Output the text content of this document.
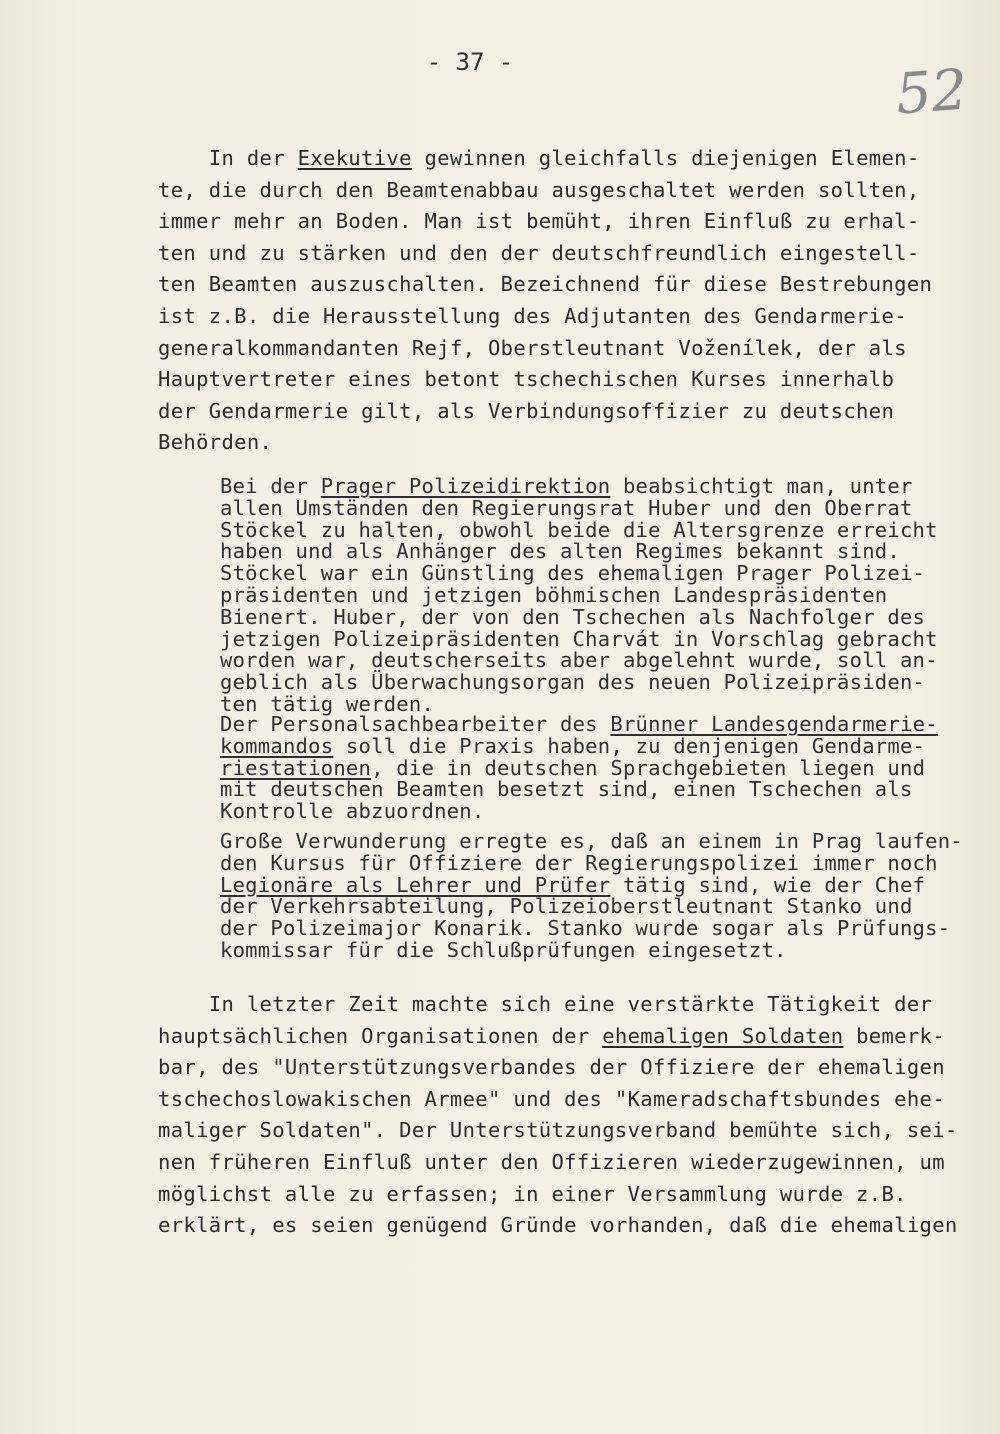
- 37 -	52
In der Exekutive gewinnen gleichfalls diejenigen Elemen-
te, die durch den Beamtenabbau ausgeschaltet werden sollten,
immer mehr an Boden. Man ist bemüht, ihren Einfluß zu erhal-
ten und zu stärken und den der deutschfreundlich eingestell-
ten Beamten auszuschalten. Bezeichnend für diese Bestrebungen
ist z.B. die Herausstellung des Adjutanten des Gendarmerie-
generalkommandanten Rejf, Oberstleutnant Voženílek, der als
Hauptvertreter eines betont tschechischen Kurses innerhalb
der Gendarmerie gilt, als Verbindungsoffizier zu deutschen
Behörden.
Bei der Prager Polizeidirektion beabsichtigt man, unter
allen Umständen den Regierungsrat Huber und den Oberrat
Stöckel zu halten, obwohl beide die Altersgrenze erreicht
haben und als Anhänger des alten Regimes bekannt sind.
Stöckel war ein Günstling des ehemaligen Prager Polizei-
präsidenten und jetzigen böhmischen Landespräsidenten
Bienert. Huber, der von den Tschechen als Nachfolger des
jetzigen Polizeipräsidenten Charvát in Vorschlag gebracht
worden war, deutscherseits aber abgelehnt wurde, soll an-
geblich als Überwachungsorgan des neuen Polizeipräsiden-
ten tätig werden.
Der Personalsachbearbeiter des Brünner Landesgendarmerie-
kommandos soll die Praxis haben, zu denjenigen Gendarme-
riestationen, die in deutschen Sprachgebieten liegen und
mit deutschen Beamten besetzt sind, einen Tschechen als
Kontrolle abzuordnen.
Große Verwunderung erregte es, daß an einem in Prag laufen-
den Kursus für Offiziere der Regierungspolizei immer noch
Legionäre als Lehrer und Prüfer tätig sind, wie der Chef
der Verkehrsabteilung, Polizeioberstleutnant Stanko und
der Polizeimajor Konarik. Stanko wurde sogar als Prüfungs-
kommissar für die Schlußprüfungen eingesetzt.
In letzter Zeit machte sich eine verstärkte Tätigkeit der
hauptsächlichen Organisationen der ehemaligen Soldaten bemerk-
bar, des "Unterstützungsverbandes der Offiziere der ehemaligen
tschechoslowakischen Armee" und des "Kameradschaftsbundes ehe-
maliger Soldaten". Der Unterstützungsverband bemühte sich, sei-
nen früheren Einfluß unter den Offizieren wiederzugewinnen, um
möglichst alle zu erfassen; in einer Versammlung wurde z.B.
erklärt, es seien genügend Gründe vorhanden, daß die ehemaligen
